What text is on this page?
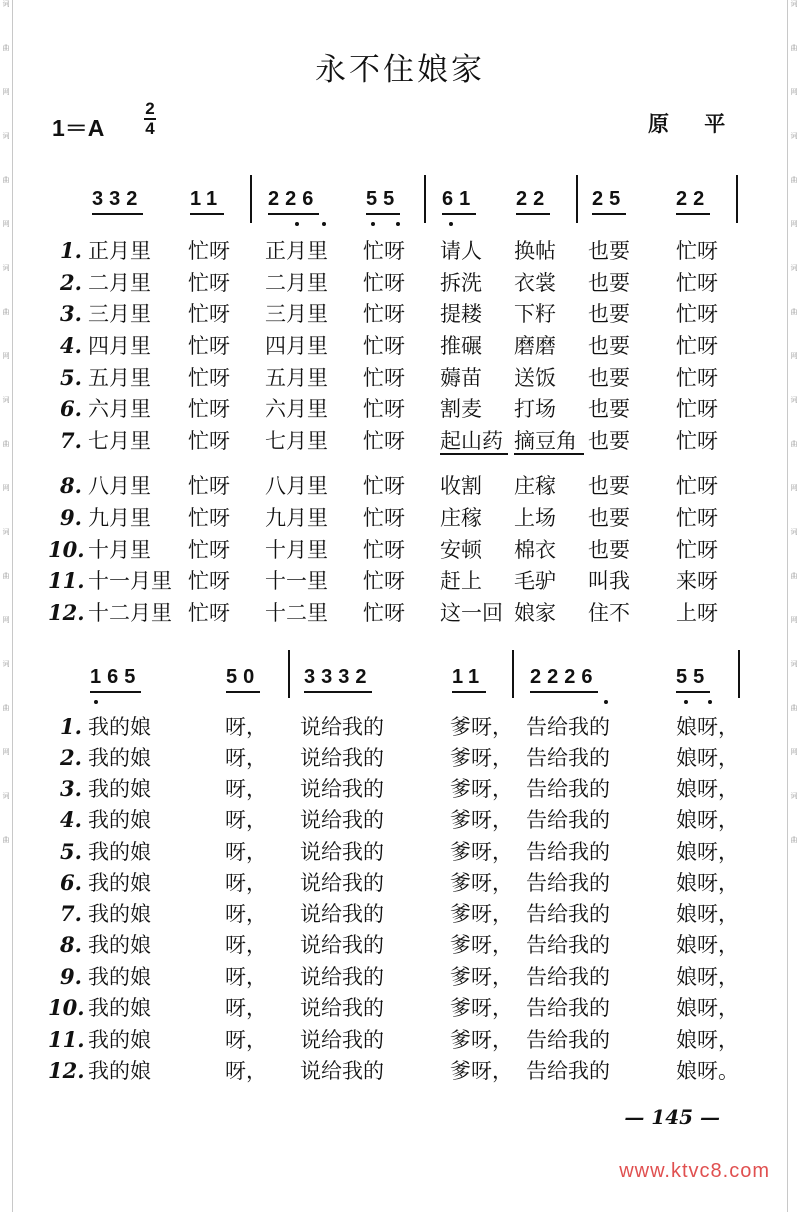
词
曲
网
词
曲
网
词
曲
网
词
曲
网
词
曲
网
词
曲
网
词
曲
词
曲
网
词
曲
网
词
曲
网
词
曲
网
词
曲
网
词
曲
网
词
曲
永不住娘家
1＝A
2
4	原 平
332 11 226 55 61 22 25 22
1. 正月里 忙呀 正月里 忙呀 请人 换帖 也要 忙呀
2. 二月里 忙呀 二月里 忙呀 拆洗 衣裳 也要 忙呀
3. 三月里 忙呀 三月里 忙呀 提耧 下籽 也要 忙呀
4. 四月里 忙呀 四月里 忙呀 推碾 磨磨 也要 忙呀
5. 五月里 忙呀 五月里 忙呀 薅苗 送饭 也要 忙呀
6. 六月里 忙呀 六月里 忙呀 割麦 打场 也要 忙呀
7. 七月里 忙呀 七月里 忙呀 起山药 摘豆角 也要 忙呀
8. 八月里 忙呀 八月里 忙呀 收割 庄稼 也要 忙呀
9. 九月里 忙呀 九月里 忙呀 庄稼 上场 也要 忙呀
10. 十月里 忙呀 十月里 忙呀 安顿 棉衣 也要 忙呀
11. 十一月里 忙呀 十一里 忙呀 赶上 毛驴 叫我 来呀
12. 十二月里 忙呀 十二里 忙呀 这一回 娘家 住不 上呀
165	50 3332	11 2226	55
1. 我的娘	呀， 说给我的	爹呀， 告给我的	娘呀，
2. 我的娘	呀， 说给我的	爹呀， 告给我的	娘呀，
3. 我的娘	呀， 说给我的	爹呀， 告给我的	娘呀，
4. 我的娘	呀， 说给我的	爹呀， 告给我的	娘呀，
5. 我的娘	呀， 说给我的	爹呀， 告给我的	娘呀，
6. 我的娘	呀， 说给我的	爹呀， 告给我的	娘呀，
7. 我的娘	呀， 说给我的	爹呀， 告给我的	娘呀，
8. 我的娘	呀， 说给我的	爹呀， 告给我的	娘呀，
9. 我的娘	呀， 说给我的	爹呀， 告给我的	娘呀，
10. 我的娘	呀， 说给我的	爹呀， 告给我的	娘呀，
11. 我的娘	呀， 说给我的	爹呀， 告给我的	娘呀，
12. 我的娘	呀， 说给我的	爹呀， 告给我的	娘呀。
— 145 —
www.ktvc8.com
